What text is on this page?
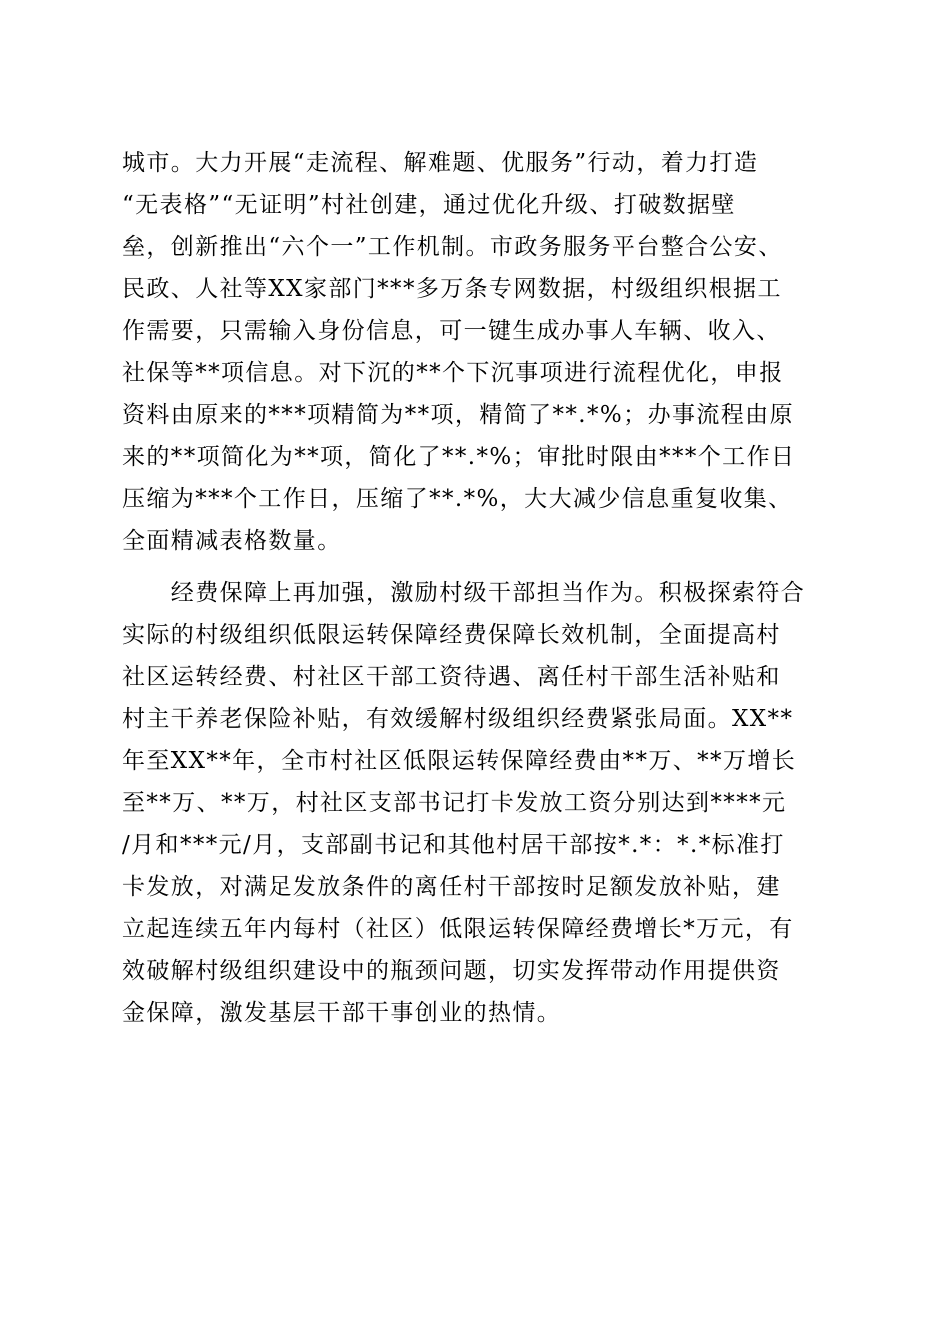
城市。大力开展“走流程、解难题、优服务”行动，着力打造
“无表格”“无证明”村社创建，通过优化升级、打破数据壁
垒，创新推出“六个一”工作机制。市政务服务平台整合公安、
民政、人社等XX家部门***多万条专网数据，村级组织根据工
作需要，只需输入身份信息，可一键生成办事人车辆、收入、
社保等**项信息。对下沉的**个下沉事项进行流程优化，申报
资料由原来的***项精简为**项，精简了**.*%；办事流程由原
来的**项简化为**项，简化了**.*%；审批时限由***个工作日
压缩为***个工作日，压缩了**.*%，大大减少信息重复收集、
全面精减表格数量。
　　经费保障上再加强，激励村级干部担当作为。积极探索符合
实际的村级组织低限运转保障经费保障长效机制，全面提高村
社区运转经费、村社区干部工资待遇、离任村干部生活补贴和
村主干养老保险补贴，有效缓解村级组织经费紧张局面。XX**
年至XX**年，全市村社区低限运转保障经费由**万、**万增长
至**万、**万，村社区支部书记打卡发放工资分别达到****元
/月和***元/月，支部副书记和其他村居干部按*.*：*.*标准打
卡发放，对满足发放条件的离任村干部按时足额发放补贴，建
立起连续五年内每村（社区）低限运转保障经费增长*万元，有
效破解村级组织建设中的瓶颈问题，切实发挥带动作用提供资
金保障，激发基层干部干事创业的热情。
